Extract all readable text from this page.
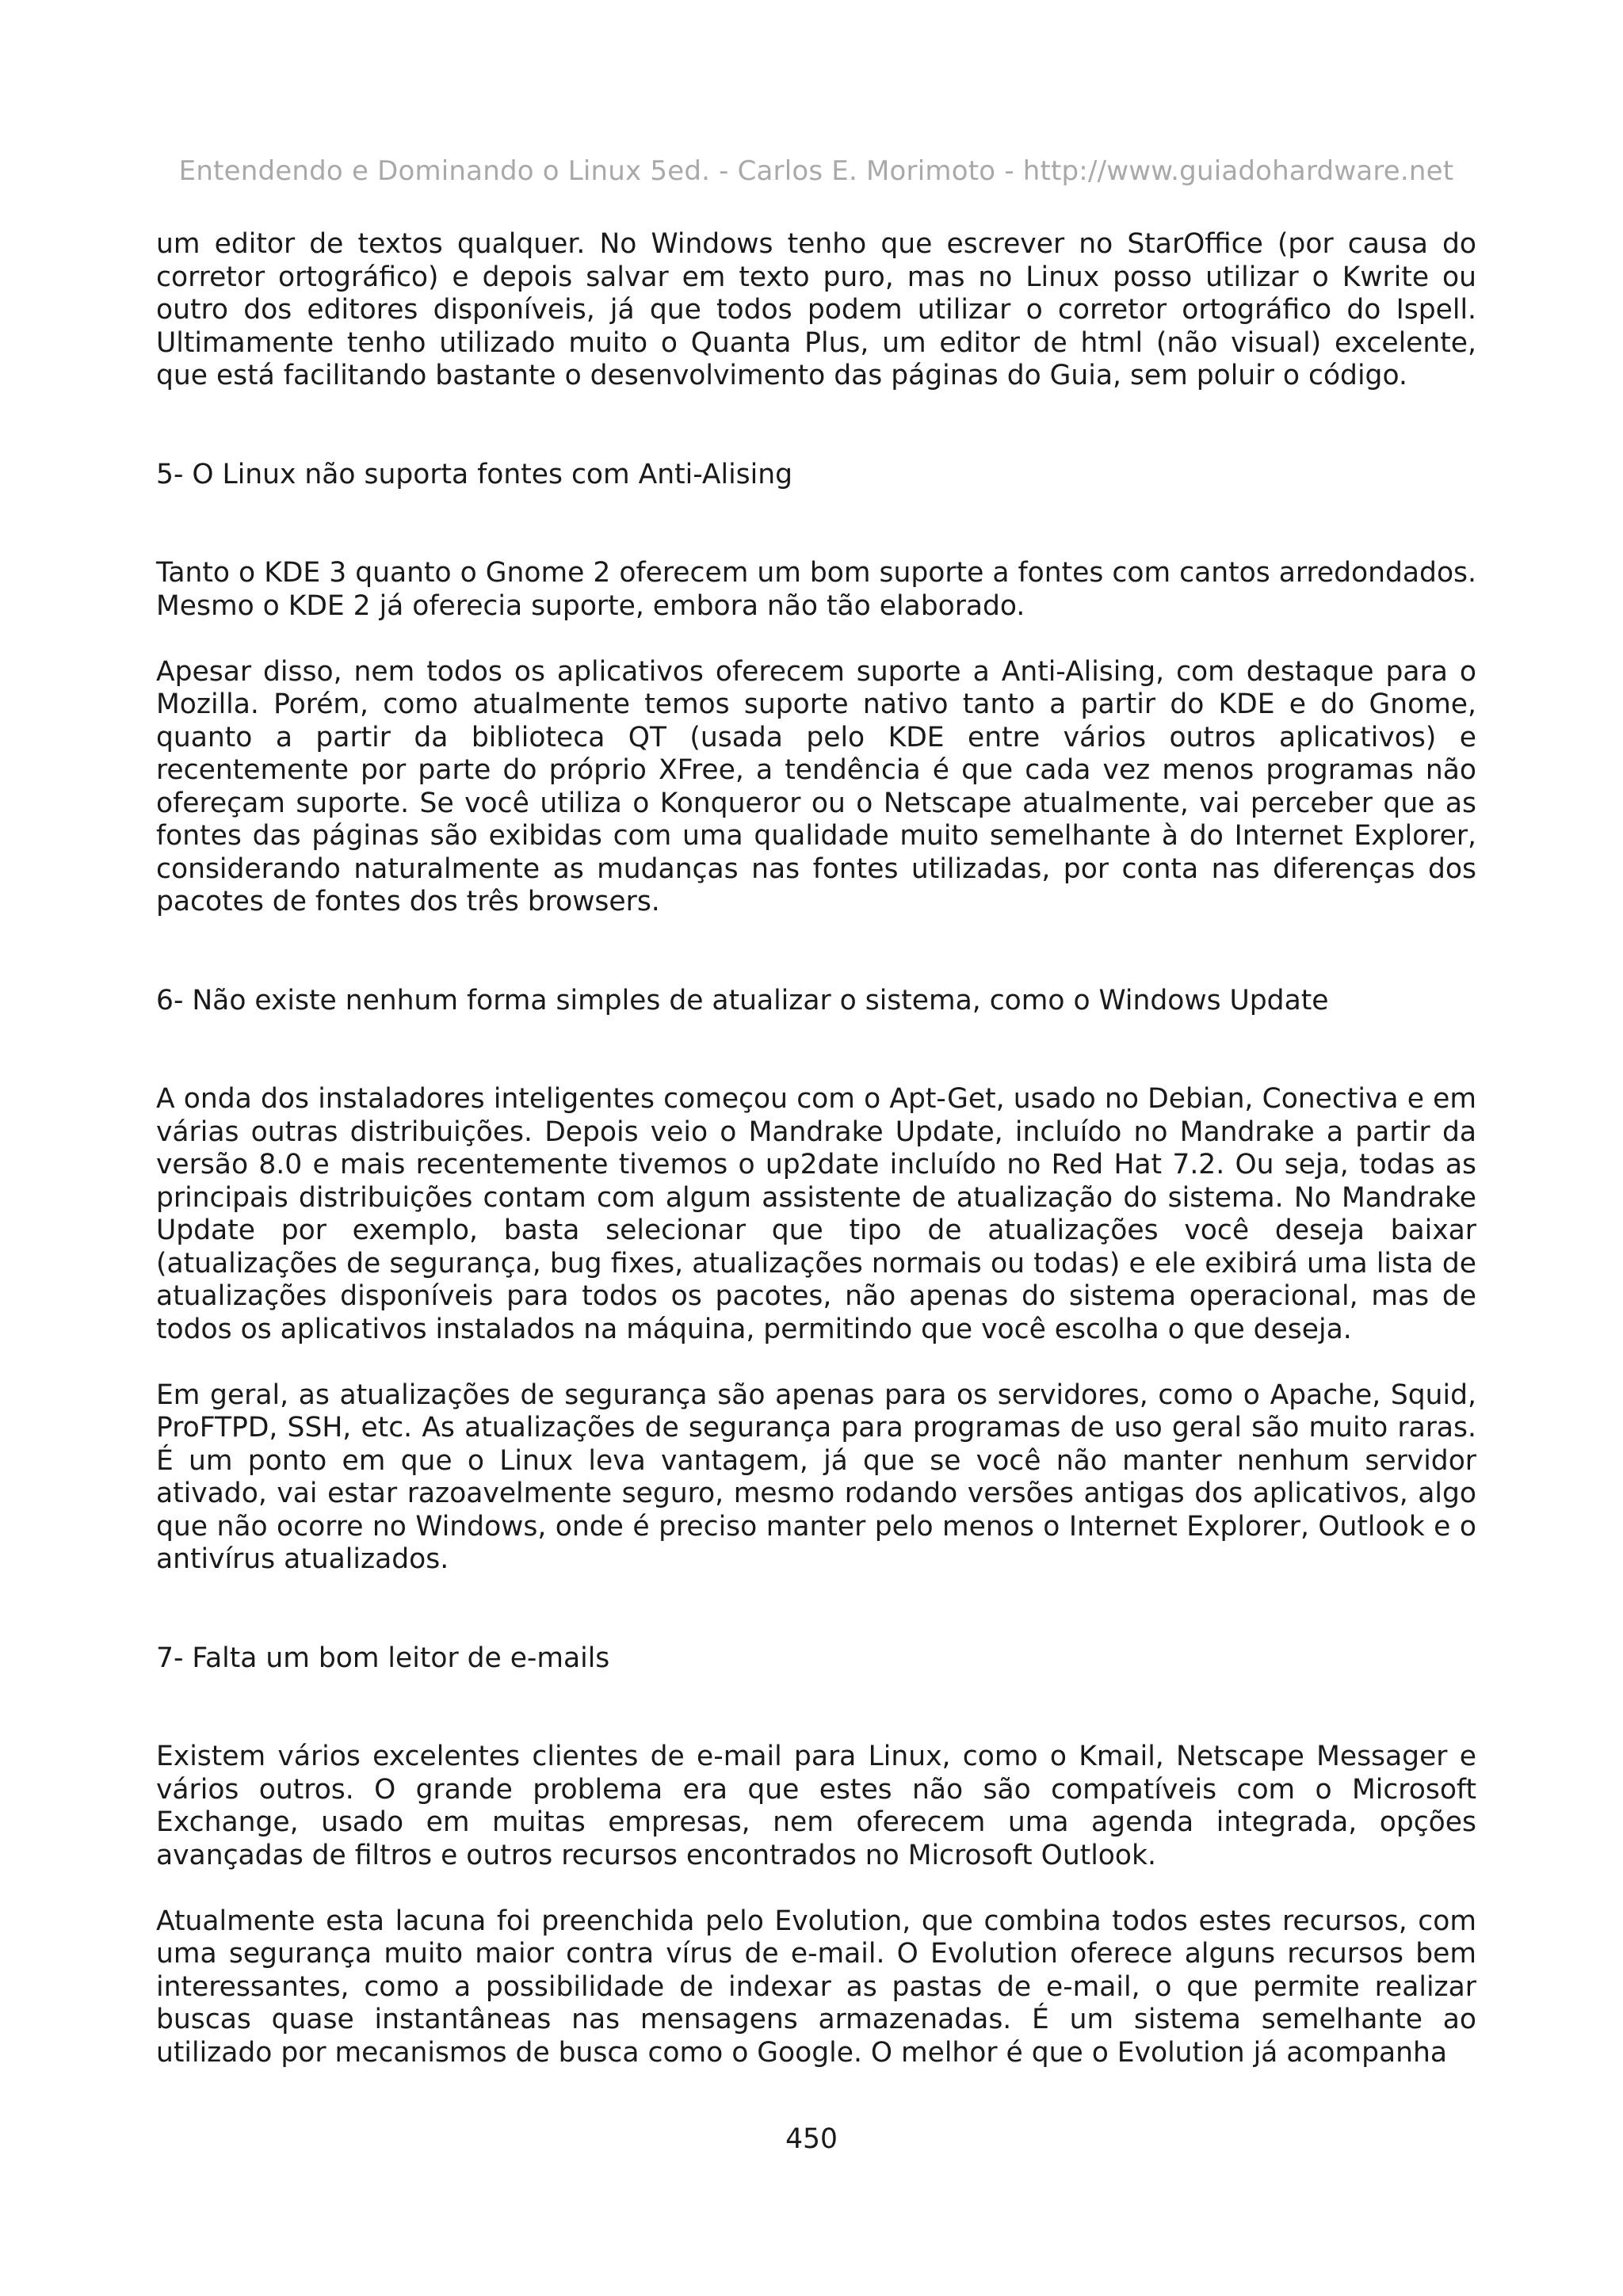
Entendendo e Dominando o Linux 5ed. - Carlos E. Morimoto - http://www.guiadohardware.net

um editor de textos qualquer. No Windows tenho que escrever no StarOffice (por causa do corretor ortográfico) e depois salvar em texto puro, mas no Linux posso utilizar o Kwrite ou outro dos editores disponíveis, já que todos podem utilizar o corretor ortográfico do Ispell. Ultimamente tenho utilizado muito o Quanta Plus, um editor de html (não visual) excelente, que está facilitando bastante o desenvolvimento das páginas do Guia, sem poluir o código.

5- O Linux não suporta fontes com Anti-Alising

Tanto o KDE 3 quanto o Gnome 2 oferecem um bom suporte a fontes com cantos arredondados. Mesmo o KDE 2 já oferecia suporte, embora não tão elaborado.

Apesar disso, nem todos os aplicativos oferecem suporte a Anti-Alising, com destaque para o Mozilla. Porém, como atualmente temos suporte nativo tanto a partir do KDE e do Gnome, quanto a partir da biblioteca QT (usada pelo KDE entre vários outros aplicativos) e recentemente por parte do próprio XFree, a tendência é que cada vez menos programas não ofereçam suporte. Se você utiliza o Konqueror ou o Netscape atualmente, vai perceber que as fontes das páginas são exibidas com uma qualidade muito semelhante à do Internet Explorer, considerando naturalmente as mudanças nas fontes utilizadas, por conta nas diferenças dos pacotes de fontes dos três browsers.

6- Não existe nenhum forma simples de atualizar o sistema, como o Windows Update

A onda dos instaladores inteligentes começou com o Apt-Get, usado no Debian, Conectiva e em várias outras distribuições. Depois veio o Mandrake Update, incluído no Mandrake a partir da versão 8.0 e mais recentemente tivemos o up2date incluído no Red Hat 7.2. Ou seja, todas as principais distribuições contam com algum assistente de atualização do sistema. No Mandrake Update por exemplo, basta selecionar que tipo de atualizações você deseja baixar (atualizações de segurança, bug fixes, atualizações normais ou todas) e ele exibirá uma lista de atualizações disponíveis para todos os pacotes, não apenas do sistema operacional, mas de todos os aplicativos instalados na máquina, permitindo que você escolha o que deseja.

Em geral, as atualizações de segurança são apenas para os servidores, como o Apache, Squid, ProFTPD, SSH, etc. As atualizações de segurança para programas de uso geral são muito raras. É um ponto em que o Linux leva vantagem, já que se você não manter nenhum servidor ativado, vai estar razoavelmente seguro, mesmo rodando versões antigas dos aplicativos, algo que não ocorre no Windows, onde é preciso manter pelo menos o Internet Explorer, Outlook e o antivírus atualizados.

7- Falta um bom leitor de e-mails

Existem vários excelentes clientes de e-mail para Linux, como o Kmail, Netscape Messager e vários outros. O grande problema era que estes não são compatíveis com o Microsoft Exchange, usado em muitas empresas, nem oferecem uma agenda integrada, opções avançadas de filtros e outros recursos encontrados no Microsoft Outlook.

Atualmente esta lacuna foi preenchida pelo Evolution, que combina todos estes recursos, com uma segurança muito maior contra vírus de e-mail. O Evolution oferece alguns recursos bem interessantes, como a possibilidade de indexar as pastas de e-mail, o que permite realizar buscas quase instantâneas nas mensagens armazenadas. É um sistema semelhante ao utilizado por mecanismos de busca como o Google. O melhor é que o Evolution já acompanha

450
